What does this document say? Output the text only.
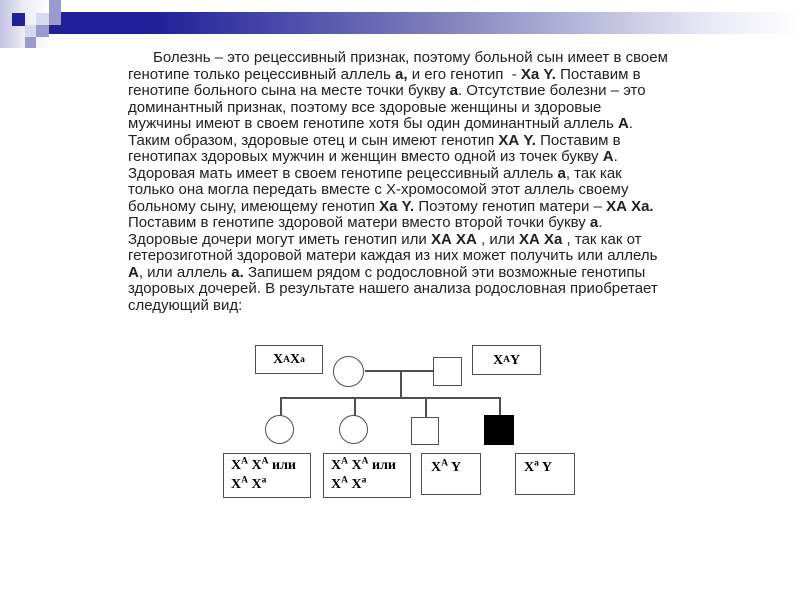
Болезнь – это рецессивный признак, поэтому больной сын имеет в своем
генотипе только рецессивный аллель а, и его генотип  - Ха Y. Поставим в
генотипе больного сына на месте точки букву а. Отсутствие болезни – это
доминантный признак, поэтому все здоровые женщины и здоровые
мужчины имеют в своем генотипе хотя бы один доминантный аллель А.
Таким образом, здоровые отец и сын имеют генотип ХА Y. Поставим в
генотипах здоровых мужчин и женщин вместо одной из точек букву А.
Здоровая мать имеет в своем генотипе рецессивный аллель а, так как
только она могла передать вместе с Х-хромосомой этот аллель своему
больному сыну, имеющему генотип Ха Y. Поэтому генотип матери – ХА Ха.
Поставим в генотипе здоровой матери вместо второй точки букву а.
Здоровые дочери могут иметь генотип или ХА ХА , или ХА Ха , так как от
гетерозиготной здоровой матери каждая из них может получить или аллель
А, или аллель а. Запишем рядом с родословной эти возможные генотипы
здоровых дочерей. В результате нашего анализа родословная приобретает
следующий вид:
X A X a	X A Y
$X^A$ $X^A$ или
$X^A$ $X^a$
$X^A$ $X^A$ или
$X^A$ $X^a$
$X^A$ Y	$X^a$ Y
